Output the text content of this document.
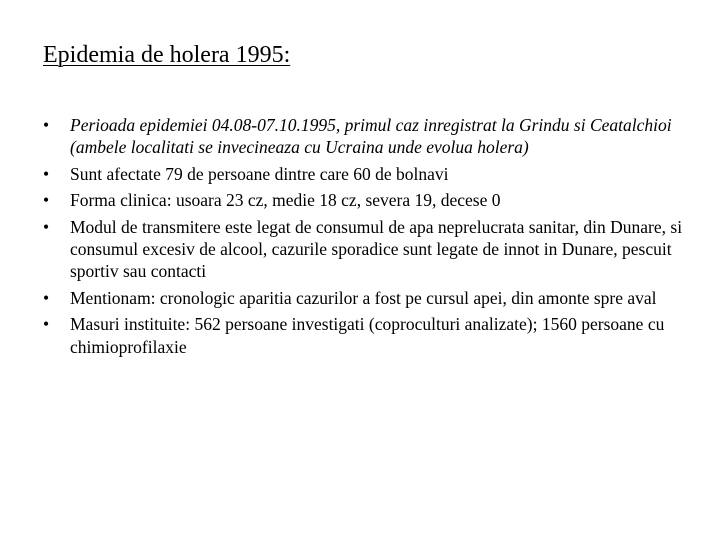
Epidemia de holera 1995:
•	Perioada epidemiei 04.08-07.10.1995, primul caz inregistrat la Grindu si Ceatalchioi (ambele localitati se invecineaza cu Ucraina unde evolua holera)
•	Sunt afectate 79 de persoane dintre care 60 de bolnavi
•	Forma clinica: usoara 23 cz, medie 18 cz, severa 19, decese 0
•	Modul de transmitere este legat de consumul de apa neprelucrata sanitar, din Dunare, si consumul excesiv de alcool, cazurile sporadice sunt legate de innot in Dunare, pescuit sportiv sau contacti
•	Mentionam: cronologic aparitia cazurilor a fost pe cursul apei, din amonte spre aval
•	Masuri instituite: 562 persoane investigati (coproculturi analizate); 1560 persoane cu chimioprofilaxie
